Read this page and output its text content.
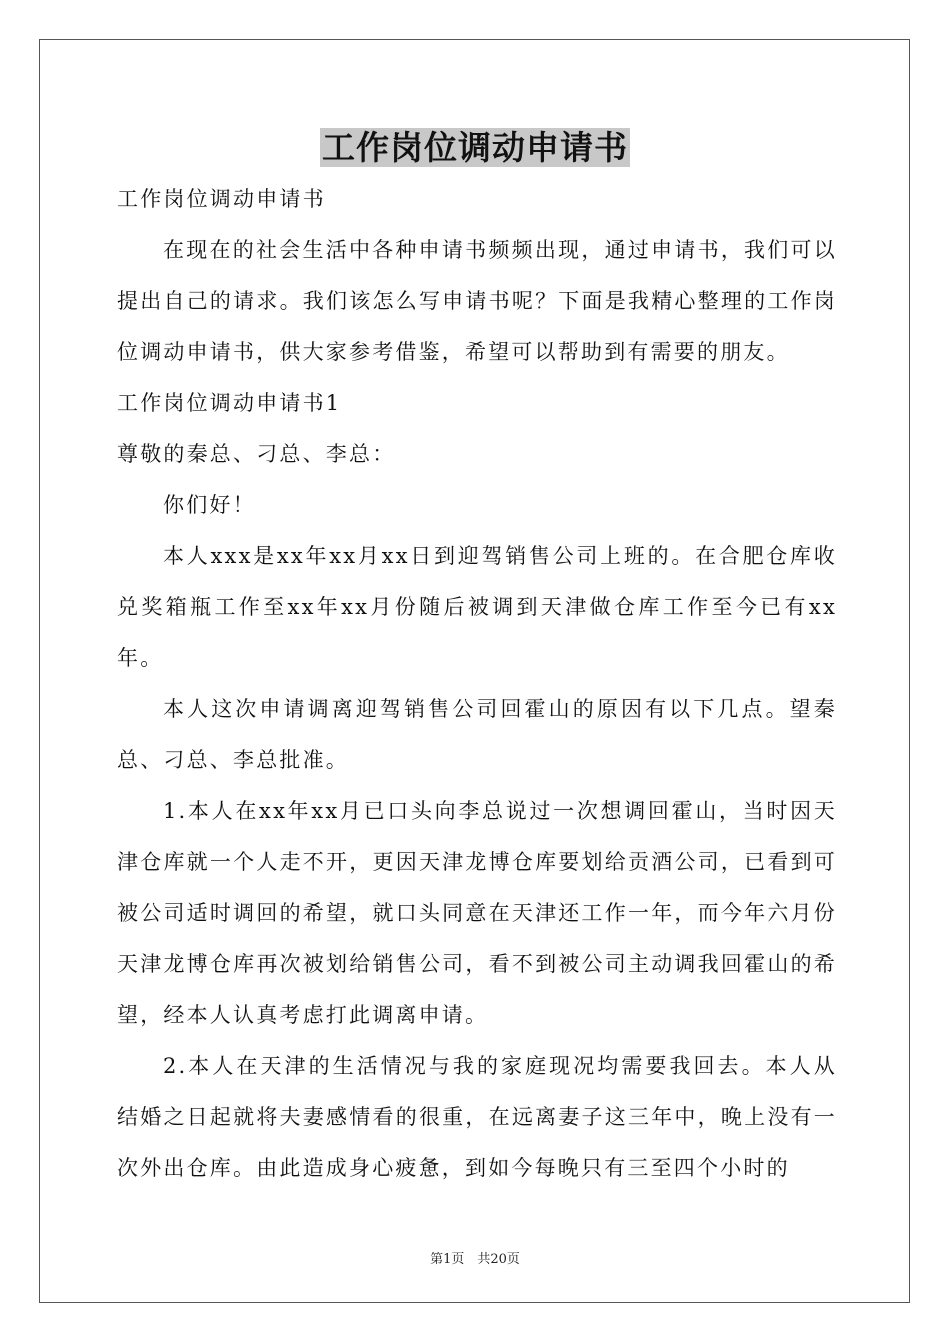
工作岗位调动申请书

工作岗位调动申请书

在现在的社会生活中各种申请书频频出现，通过申请书，我们可以提出自己的请求。我们该怎么写申请书呢？下面是我精心整理的工作岗位调动申请书，供大家参考借鉴，希望可以帮助到有需要的朋友。

工作岗位调动申请书1

尊敬的秦总、刁总、李总：

你们好！

本人xxx是xx年xx月xx日到迎驾销售公司上班的。在合肥仓库收兑奖箱瓶工作至xx年xx月份随后被调到天津做仓库工作至今已有xx年。

本人这次申请调离迎驾销售公司回霍山的原因有以下几点。望秦总、刁总、李总批准。

1.本人在xx年xx月已口头向李总说过一次想调回霍山，当时因天津仓库就一个人走不开，更因天津龙博仓库要划给贡酒公司，已看到可被公司适时调回的希望，就口头同意在天津还工作一年，而今年六月份天津龙博仓库再次被划给销售公司，看不到被公司主动调我回霍山的希望，经本人认真考虑打此调离申请。

2.本人在天津的生活情况与我的家庭现况均需要我回去。本人从结婚之日起就将夫妻感情看的很重，在远离妻子这三年中，晚上没有一次外出仓库。由此造成身心疲惫，到如今每晚只有三至四个小时的

第1页　共20页
